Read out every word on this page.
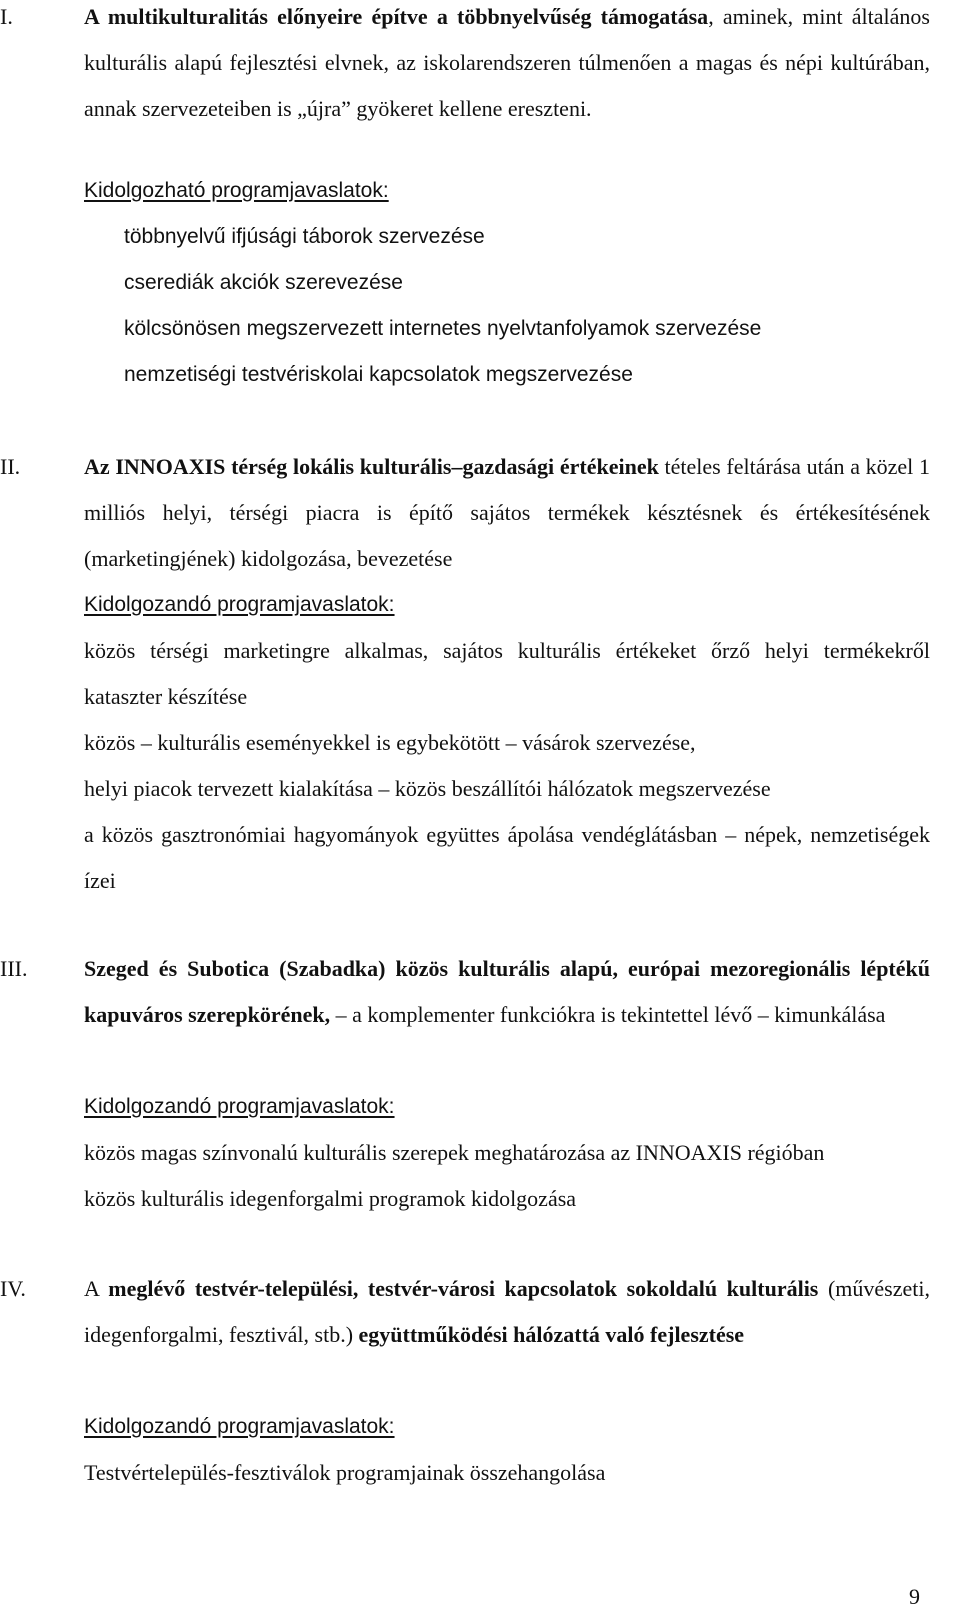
I.	A multikulturalitás előnyeire építve a többnyelvűség támogatása, aminek, mint általános kulturális alapú fejlesztési elvnek, az iskolarendszeren túlmenően a magas és népi kultúrában, annak szervezeteiben is „újra” gyökeret kellene ereszteni.
Kidolgozható programjavaslatok:
többnyelvű ifjúsági táborok szervezése
cserediák akciók szerevezése
kölcsönösen megszervezett internetes nyelvtanfolyamok szervezése
nemzetiségi testvériskolai kapcsolatok megszervezése
II.	Az INNOAXIS térség lokális kulturális–gazdasági értékeinek tételes feltárása után a közel 1 milliós helyi, térségi piacra is építő sajátos termékek késztésnek és értékesítésének (marketingjének) kidolgozása, bevezetése
Kidolgozandó programjavaslatok:
közös térségi marketingre alkalmas, sajátos kulturális értékeket őrző helyi termékekről kataszter készítése
közös – kulturális eseményekkel is egybekötött – vásárok szervezése,
helyi piacok tervezett kialakítása – közös beszállítói hálózatok megszervezése
a közös gasztronómiai hagyományok együttes ápolása vendéglátásban – népek, nemzetiségek ízei
III.	Szeged és Subotica (Szabadka) közös kulturális alapú, európai mezoregionális léptékű kapuváros szerepkörének, – a komplementer funkciókra is tekintettel lévő – kimunkálása
Kidolgozandó programjavaslatok:
közös magas színvonalú kulturális szerepek meghatározása az INNOAXIS régióban
közös kulturális idegenforgalmi programok kidolgozása
IV.	A meglévő testvér-települési, testvér-városi kapcsolatok sokoldalú kulturális (művészeti, idegenforgalmi, fesztivál, stb.) együttműködési hálózattá való fejlesztése
Kidolgozandó programjavaslatok:
Testvértelepülés-fesztiválok programjainak összehangolása
9
